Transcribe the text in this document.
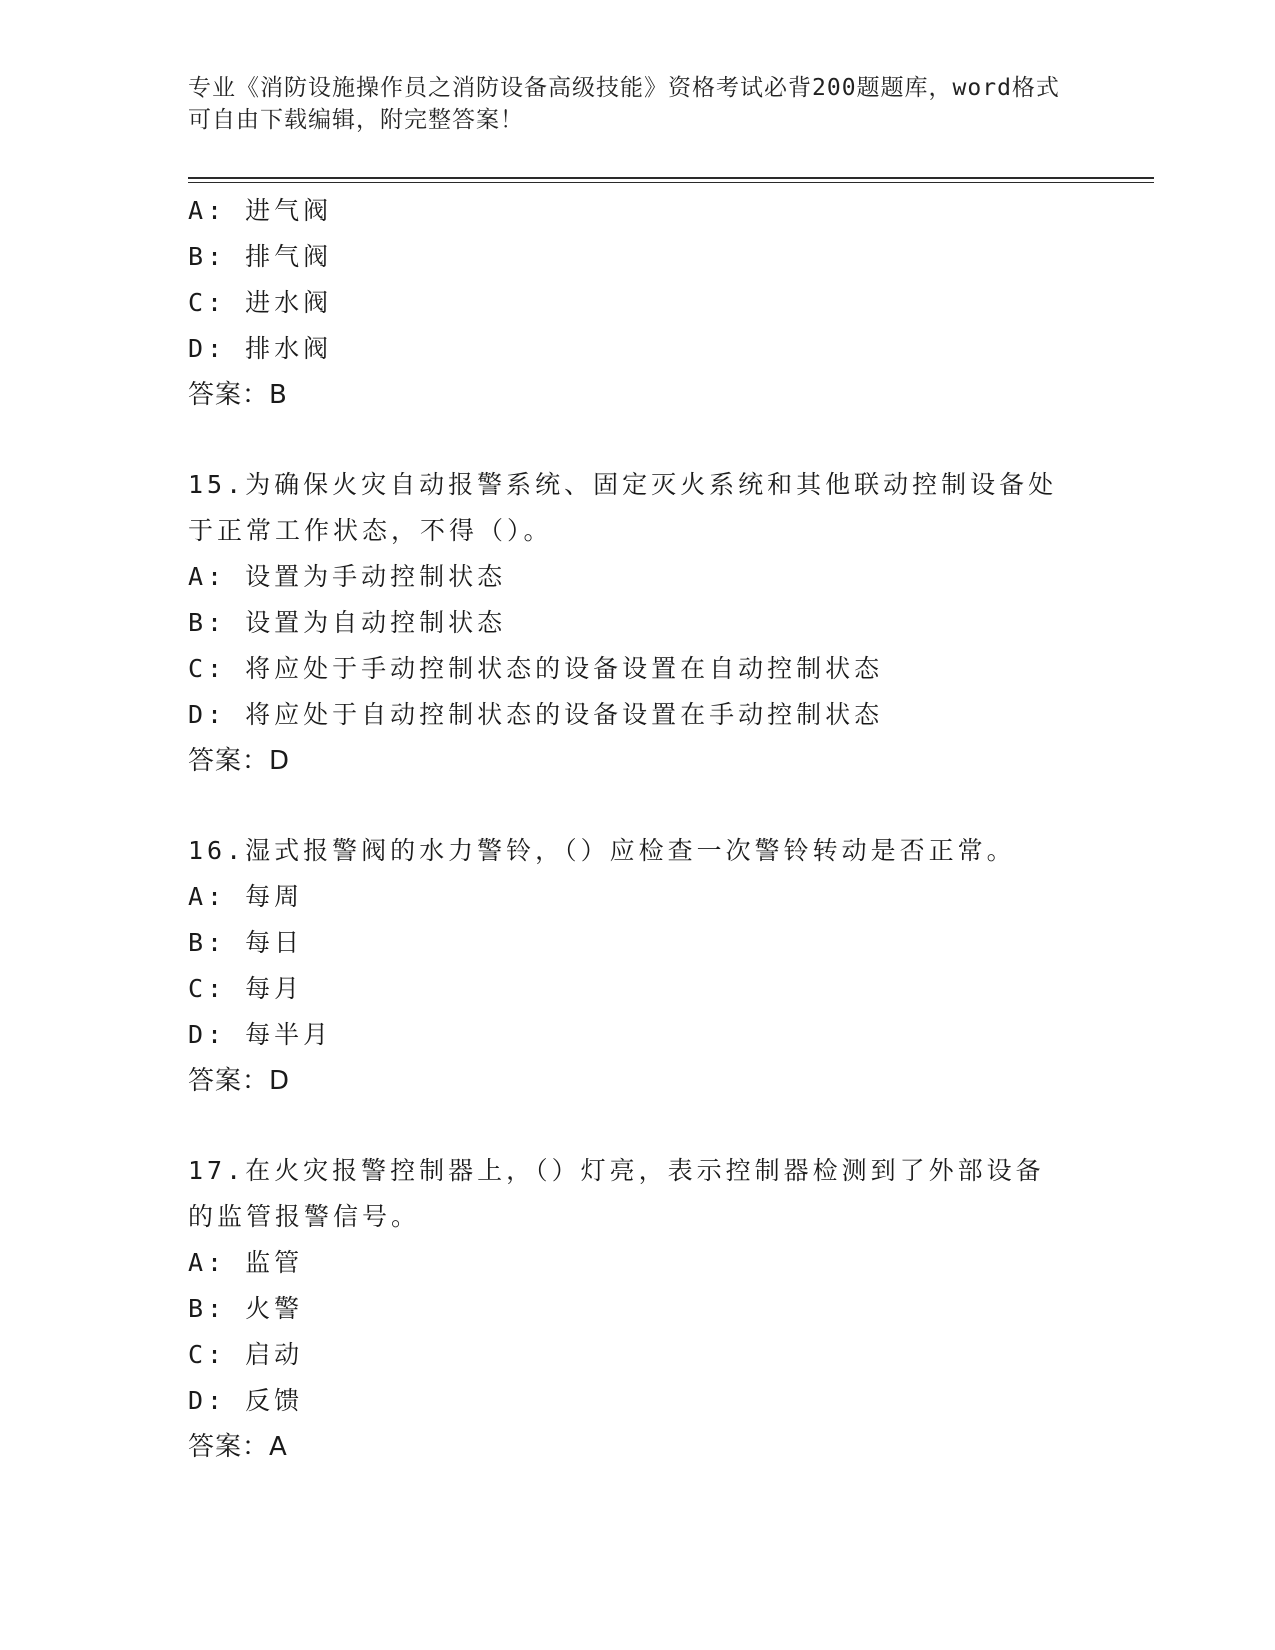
专业《消防设施操作员之消防设备高级技能》资格考试必背200题题库，word格式可自由下载编辑，附完整答案！
A: 进气阀
B: 排气阀
C: 进水阀
D: 排水阀
答案：B
15.为确保火灾自动报警系统、固定灭火系统和其他联动控制设备处于正常工作状态，不得（）。
A: 设置为手动控制状态
B: 设置为自动控制状态
C: 将应处于手动控制状态的设备设置在自动控制状态
D: 将应处于自动控制状态的设备设置在手动控制状态
答案：D
16.湿式报警阀的水力警铃，（）应检查一次警铃转动是否正常。
A: 每周
B: 每日
C: 每月
D: 每半月
答案：D
17.在火灾报警控制器上，（）灯亮，表示控制器检测到了外部设备的监管报警信号。
A: 监管
B: 火警
C: 启动
D: 反馈
答案：A
